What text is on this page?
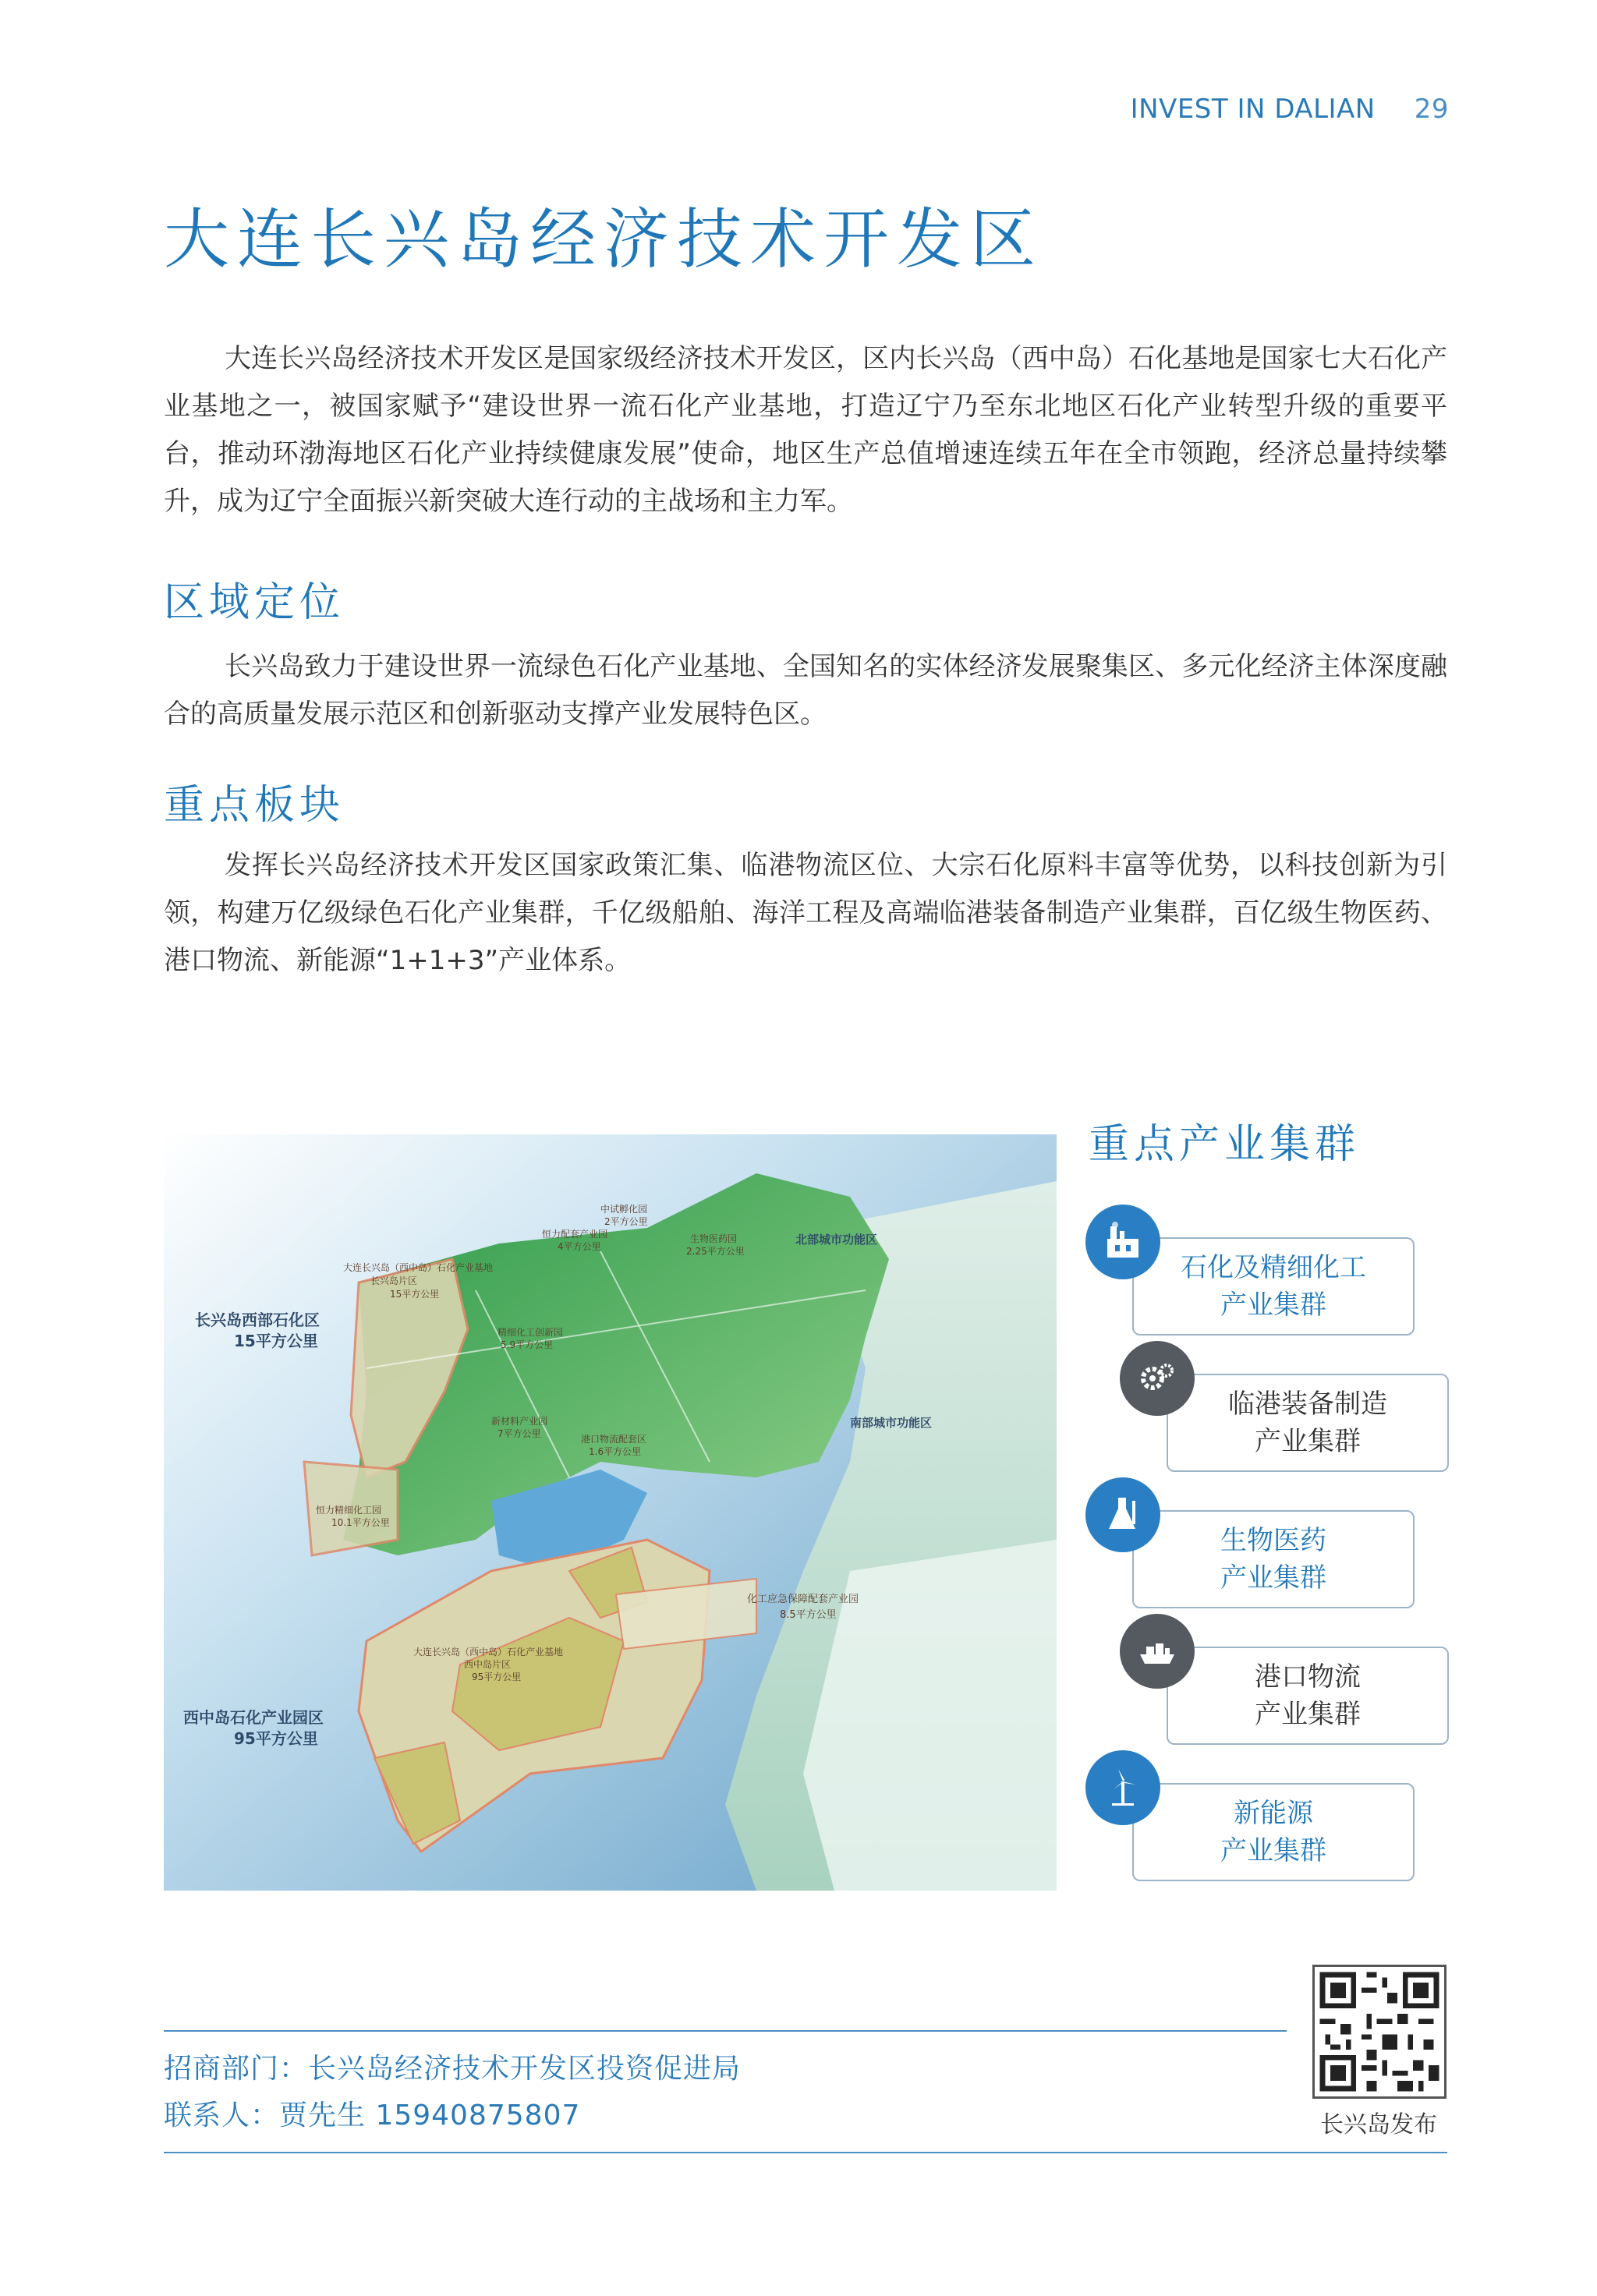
INVEST IN DALIAN 29
大连长兴岛经济技术开发区

大连长兴岛经济技术开发区是国家级经济技术开发区，区内长兴岛（西中岛）石化基地是国家七大石化产业基地之一，被国家赋予“建设世界一流石化产业基地，打造辽宁乃至东北地区石化产业转型升级的重要平台，推动环渤海地区石化产业持续健康发展”使命，地区生产总值增速连续五年在全市领跑，经济总量持续攀升，成为辽宁全面振兴新突破大连行动的主战场和主力军。

区域定位

长兴岛致力于建设世界一流绿色石化产业基地、全国知名的实体经济发展聚集区、多元化经济主体深度融合的高质量发展示范区和创新驱动支撑产业发展特色区。

重点板块

发挥长兴岛经济技术开发区国家政策汇集、临港物流区位、大宗石化原料丰富等优势，以科技创新为引领，构建万亿级绿色石化产业集群，千亿级船舶、海洋工程及高端临港装备制造产业集群，百亿级生物医药、港口物流、新能源“1+1+3”产业体系。

长兴岛西部石化区
15平方公里
西中岛石化产业园区
95平方公里
北部城市功能区
南部城市功能区
化工应急保障配套产业园
8.5平方公里
大连长兴岛（西中岛）石化产业基地
长兴岛片区
15平方公里
中试孵化园
2平方公里
恒力配套产业园
4平方公里
生物医药园
2.25平方公里
精细化工创新园
5.9平方公里
新材料产业园
7平方公里	港口物流配套区
1.6平方公里
恒力精细化工园
10.1平方公里
大连长兴岛（西中岛）石化产业基地
西中岛片区
95平方公里
重点产业集群
石化及精细化工
产业集群
临港装备制造
产业集群
生物医药
产业集群
港口物流
产业集群
新能源
产业集群
招商部门：长兴岛经济技术开发区投资促进局
联系人：贾先生 15940875807	长兴岛发布
